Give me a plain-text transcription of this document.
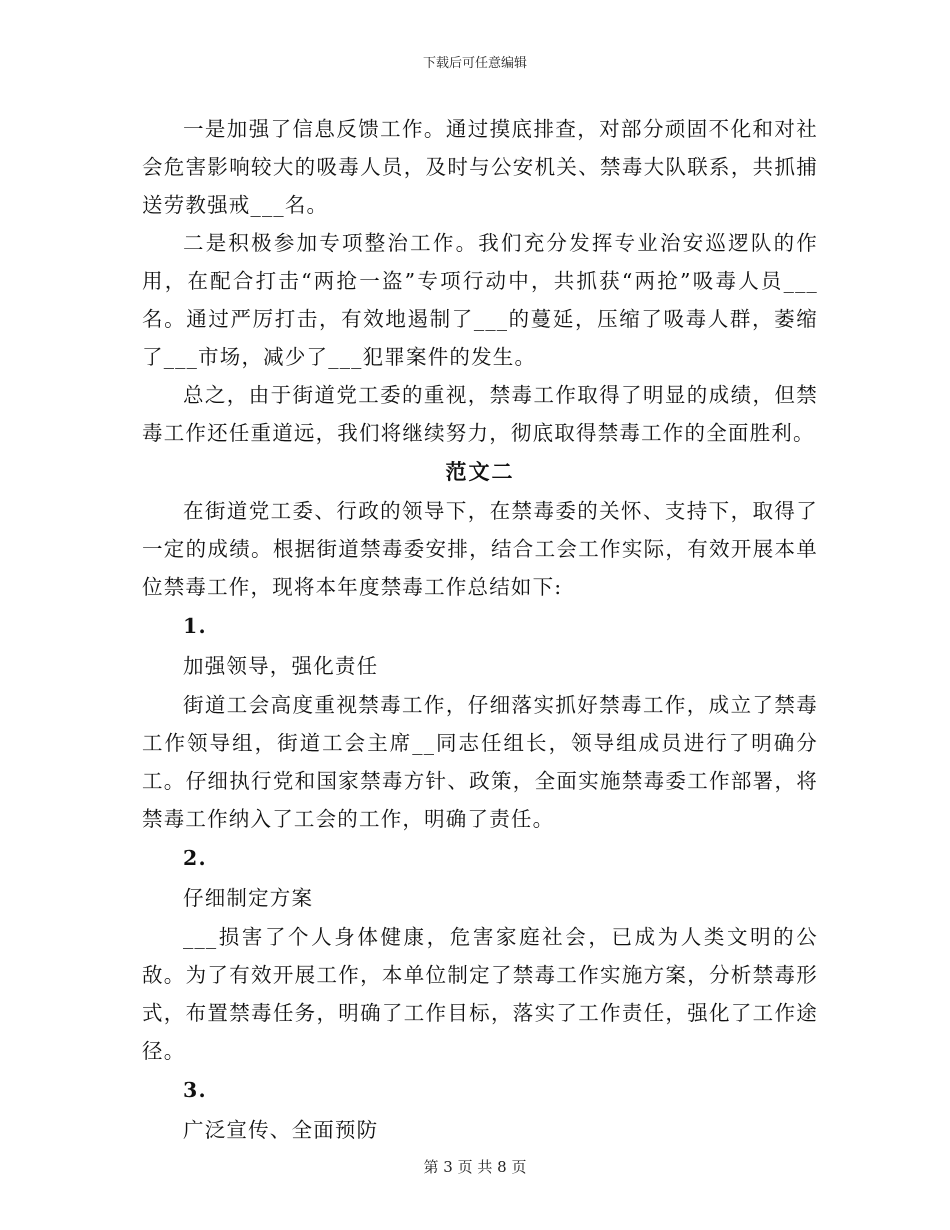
下载后可任意编辑

一是加强了信息反馈工作。通过摸底排查，对部分顽固不化和对社会危害影响较大的吸毒人员，及时与公安机关、禁毒大队联系，共抓捕送劳教强戒___名。

二是积极参加专项整治工作。我们充分发挥专业治安巡逻队的作用，在配合打击“两抢一盗”专项行动中，共抓获“两抢”吸毒人员___名。通过严厉打击，有效地遏制了___的蔓延，压缩了吸毒人群，萎缩了___市场，减少了___犯罪案件的发生。

总之，由于街道党工委的重视，禁毒工作取得了明显的成绩，但禁毒工作还任重道远，我们将继续努力，彻底取得禁毒工作的全面胜利。

范文二

在街道党工委、行政的领导下，在禁毒委的关怀、支持下，取得了一定的成绩。根据街道禁毒委安排，结合工会工作实际，有效开展本单位禁毒工作，现将本年度禁毒工作总结如下:

1.

加强领导，强化责任

街道工会高度重视禁毒工作，仔细落实抓好禁毒工作，成立了禁毒工作领导组，街道工会主席__同志任组长，领导组成员进行了明确分工。仔细执行党和国家禁毒方针、政策，全面实施禁毒委工作部署，将禁毒工作纳入了工会的工作，明确了责任。

2.

仔细制定方案

___损害了个人身体健康，危害家庭社会，已成为人类文明的公敌。为了有效开展工作，本单位制定了禁毒工作实施方案，分析禁毒形式，布置禁毒任务，明确了工作目标，落实了工作责任，强化了工作途径。

3.

广泛宣传、全面预防

第 3 页 共 8 页
